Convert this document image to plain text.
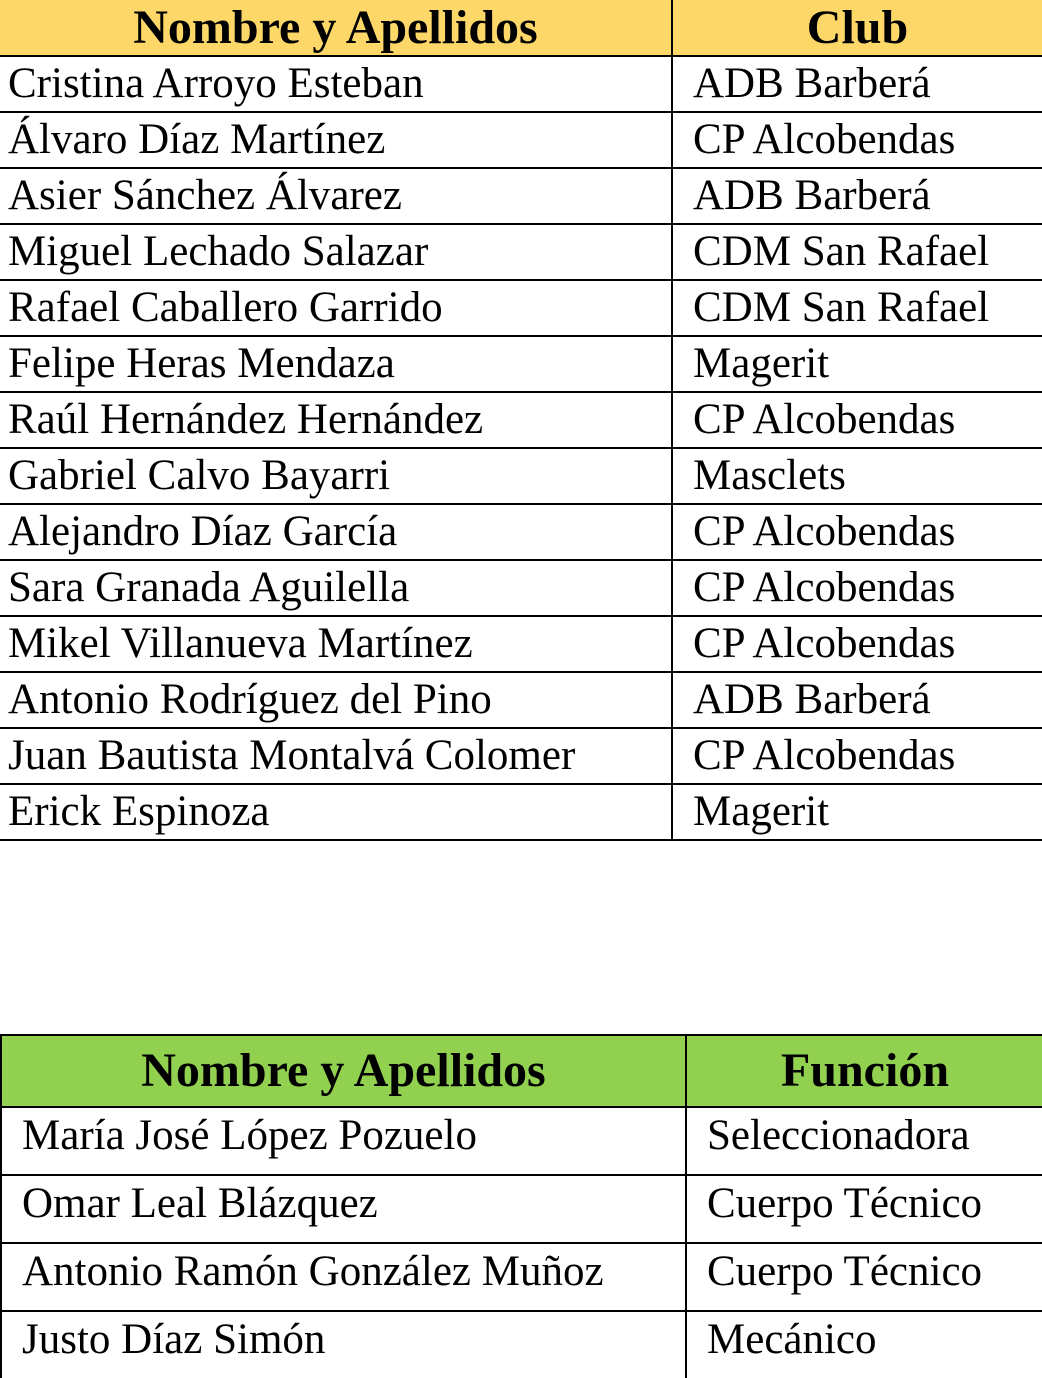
Nombre y Apellidos	Club
Cristina Arroyo Esteban	ADB Barberá
Álvaro Díaz Martínez	CP Alcobendas
Asier Sánchez Álvarez	ADB Barberá
Miguel Lechado Salazar	CDM San Rafael
Rafael Caballero Garrido	CDM San Rafael
Felipe Heras Mendaza	Magerit
Raúl Hernández Hernández	CP Alcobendas
Gabriel Calvo Bayarri	Masclets
Alejandro Díaz García	CP Alcobendas
Sara Granada Aguilella	CP Alcobendas
Mikel Villanueva Martínez	CP Alcobendas
Antonio Rodríguez del Pino	ADB Barberá
Juan Bautista Montalvá Colomer	CP Alcobendas
Erick Espinoza	Magerit
Nombre y Apellidos	Función
María José López Pozuelo	Seleccionadora
Omar Leal Blázquez	Cuerpo Técnico
Antonio Ramón González Muñoz	Cuerpo Técnico
Justo Díaz Simón	Mecánico
